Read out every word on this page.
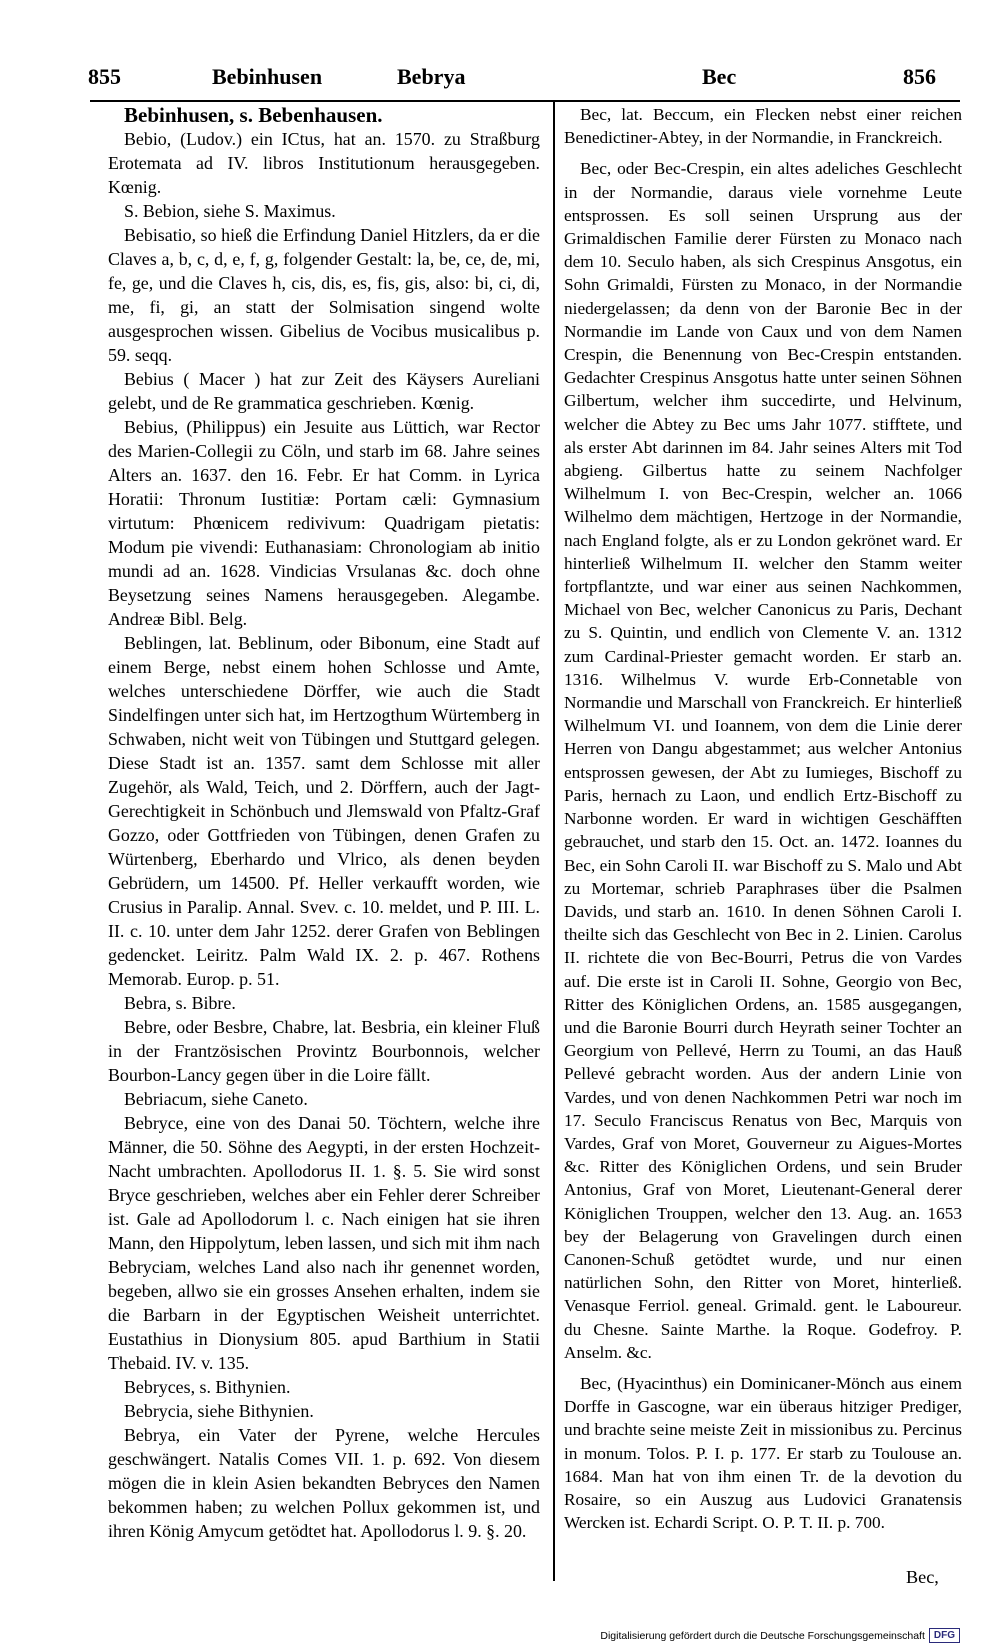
855	Bebinhusen	Bebrya	Bec	856

Bebinhusen, s. Bebenhausen.

Bebio, (Ludov.) ein ICtus, hat an. 1570. zu Straßburg Erotemata ad IV. libros Institutionum herausgegeben. Kœnig.

S. Bebion, siehe S. Maximus.

Bebisatio, so hieß die Erfindung Daniel Hitzlers, da er die Claves a, b, c, d, e, f, g, folgender Gestalt: la, be, ce, de, mi, fe, ge, und die Claves h, cis, dis, es, fis, gis, also: bi, ci, di, me, fi, gi, an statt der Solmisation singend wolte ausgesprochen wissen. Gibelius de Vocibus musicalibus p. 59. seqq.

Bebius ( Macer ) hat zur Zeit des Käysers Aureliani gelebt, und de Re grammatica geschrieben. Kœnig.

Bebius, (Philippus) ein Jesuite aus Lüttich, war Rector des Marien-Collegii zu Cöln, und starb im 68. Jahre seines Alters an. 1637. den 16. Febr. Er hat Comm. in Lyrica Horatii: Thronum Iustitiæ: Portam cæli: Gymnasium virtutum: Phœnicem redivivum: Quadrigam pietatis: Modum pie vivendi: Euthanasiam: Chronologiam ab initio mundi ad an. 1628. Vindicias Vrsulanas &c. doch ohne Beysetzung seines Namens herausgegeben. Alegambe. Andreæ Bibl. Belg.

Beblingen, lat. Beblinum, oder Bibonum, eine Stadt auf einem Berge, nebst einem hohen Schlosse und Amte, welches unterschiedene Dörffer, wie auch die Stadt Sindelfingen unter sich hat, im Hertzogthum Würtemberg in Schwaben, nicht weit von Tübingen und Stuttgard gelegen. Diese Stadt ist an. 1357. samt dem Schlosse mit aller Zugehör, als Wald, Teich, und 2. Dörffern, auch der Jagt-Gerechtigkeit in Schönbuch und Jlemswald von Pfaltz-Graf Gozzo, oder Gottfrieden von Tübingen, denen Grafen zu Würtenberg, Eberhardo und Vlrico, als denen beyden Gebrüdern, um 14500. Pf. Heller verkaufft worden, wie Crusius in Paralip. Annal. Svev. c. 10. meldet, und P. III. L. II. c. 10. unter dem Jahr 1252. derer Grafen von Beblingen gedencket. Leiritz. Palm Wald IX. 2. p. 467. Rothens Memorab. Europ. p. 51.

Bebra, s. Bibre.

Bebre, oder Besbre, Chabre, lat. Besbria, ein kleiner Fluß in der Frantzösischen Provintz Bourbonnois, welcher Bourbon-Lancy gegen über in die Loire fällt.

Bebriacum, siehe Caneto.

Bebryce, eine von des Danai 50. Töchtern, welche ihre Männer, die 50. Söhne des Aegypti, in der ersten Hochzeit-Nacht umbrachten. Apollodorus II. 1. §. 5. Sie wird sonst Bryce geschrieben, welches aber ein Fehler derer Schreiber ist. Gale ad Apollodorum l. c. Nach einigen hat sie ihren Mann, den Hippolytum, leben lassen, und sich mit ihm nach Bebryciam, welches Land also nach ihr genennet worden, begeben, allwo sie ein grosses Ansehen erhalten, indem sie die Barbarn in der Egyptischen Weisheit unterrichtet. Eustathius in Dionysium 805. apud Barthium in Statii Thebaid. IV. v. 135.

Bebryces, s. Bithynien.

Bebrycia, siehe Bithynien.

Bebrya, ein Vater der Pyrene, welche Hercules geschwängert. Natalis Comes VII. 1. p. 692. Von diesem mögen die in klein Asien bekandten Bebryces den Namen bekommen haben; zu welchen Pollux gekommen ist, und ihren König Amycum getödtet hat. Apollodorus l. 9. §. 20.

Bec, lat. Beccum, ein Flecken nebst einer reichen Benedictiner-Abtey, in der Normandie, in Franckreich.

Bec, oder Bec-Crespin, ein altes adeliches Geschlecht in der Normandie, daraus viele vornehme Leute entsprossen. Es soll seinen Ursprung aus der Grimaldischen Familie derer Fürsten zu Monaco nach dem 10. Seculo haben, als sich Crespinus Ansgotus, ein Sohn Grimaldi, Fürsten zu Monaco, in der Normandie niedergelassen; da denn von der Baronie Bec in der Normandie im Lande von Caux und von dem Namen Crespin, die Benennung von Bec-Crespin entstanden. Gedachter Crespinus Ansgotus hatte unter seinen Söhnen Gilbertum, welcher ihm succedirte, und Helvinum, welcher die Abtey zu Bec ums Jahr 1077. stifftete, und als erster Abt darinnen im 84. Jahr seines Alters mit Tod abgieng. Gilbertus hatte zu seinem Nachfolger Wilhelmum I. von Bec-Crespin, welcher an. 1066 Wilhelmo dem mächtigen, Hertzoge in der Normandie, nach England folgte, als er zu London gekrönet ward. Er hinterließ Wilhelmum II. welcher den Stamm weiter fortpflantzte, und war einer aus seinen Nachkommen, Michael von Bec, welcher Canonicus zu Paris, Dechant zu S. Quintin, und endlich von Clemente V. an. 1312 zum Cardinal-Priester gemacht worden. Er starb an. 1316. Wilhelmus V. wurde Erb-Connetable von Normandie und Marschall von Franckreich. Er hinterließ Wilhelmum VI. und Ioannem, von dem die Linie derer Herren von Dangu abgestammet; aus welcher Antonius entsprossen gewesen, der Abt zu Iumieges, Bischoff zu Paris, hernach zu Laon, und endlich Ertz-Bischoff zu Narbonne worden. Er ward in wichtigen Geschäfften gebrauchet, und starb den 15. Oct. an. 1472. Ioannes du Bec, ein Sohn Caroli II. war Bischoff zu S. Malo und Abt zu Mortemar, schrieb Paraphrases über die Psalmen Davids, und starb an. 1610. In denen Söhnen Caroli I. theilte sich das Geschlecht von Bec in 2. Linien. Carolus II. richtete die von Bec-Bourri, Petrus die von Vardes auf. Die erste ist in Caroli II. Sohne, Georgio von Bec, Ritter des Königlichen Ordens, an. 1585 ausgegangen, und die Baronie Bourri durch Heyrath seiner Tochter an Georgium von Pellevé, Herrn zu Toumi, an das Hauß Pellevé gebracht worden. Aus der andern Linie von Vardes, und von denen Nachkommen Petri war noch im 17. Seculo Franciscus Renatus von Bec, Marquis von Vardes, Graf von Moret, Gouverneur zu Aigues-Mortes &c. Ritter des Königlichen Ordens, und sein Bruder Antonius, Graf von Moret, Lieutenant-General derer Königlichen Trouppen, welcher den 13. Aug. an. 1653 bey der Belagerung von Gravelingen durch einen Canonen-Schuß getödtet wurde, und nur einen natürlichen Sohn, den Ritter von Moret, hinterließ. Venasque Ferriol. geneal. Grimald. gent. le Laboureur. du Chesne. Sainte Marthe. la Roque. Godefroy. P. Anselm. &c.

Bec, (Hyacinthus) ein Dominicaner-Mönch aus einem Dorffe in Gascogne, war ein überaus hitziger Prediger, und brachte seine meiste Zeit in missionibus zu. Percinus in monum. Tolos. P. I. p. 177. Er starb zu Toulouse an. 1684. Man hat von ihm einen Tr. de la devotion du Rosaire, so ein Auszug aus Ludovici Granatensis Wercken ist. Echardi Script. O. P. T. II. p. 700.

Bec,
Digitalisierung gefördert durch die Deutsche Forschungsgemeinschaft DFG
